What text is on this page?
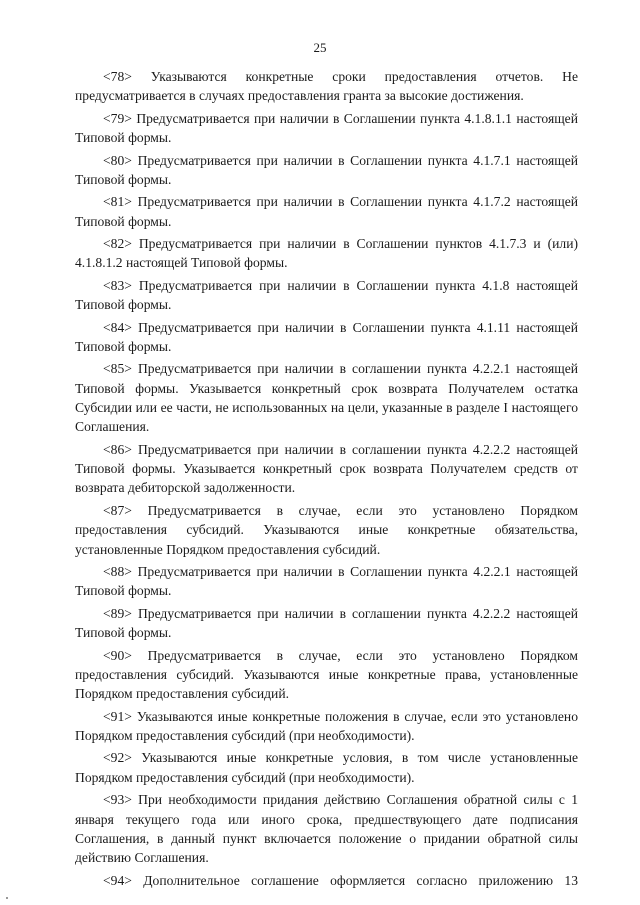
25

<78> Указываются конкретные сроки предоставления отчетов. Не предусматривается в случаях предоставления гранта за высокие достижения.

<79> Предусматривается при наличии в Соглашении пункта 4.1.8.1.1 настоящей Типовой формы.

<80> Предусматривается при наличии в Соглашении пункта 4.1.7.1 настоящей Типовой формы.

<81> Предусматривается при наличии в Соглашении пункта 4.1.7.2 настоящей Типовой формы.

<82> Предусматривается при наличии в Соглашении пунктов 4.1.7.3 и (или) 4.1.8.1.2 настоящей Типовой формы.

<83> Предусматривается при наличии в Соглашении пункта 4.1.8 настоящей Типовой формы.

<84> Предусматривается при наличии в Соглашении пункта 4.1.11 настоящей Типовой формы.

<85> Предусматривается при наличии в соглашении пункта 4.2.2.1 настоящей Типовой формы. Указывается конкретный срок возврата Получателем остатка Субсидии или ее части, не использованных на цели, указанные в разделе I настоящего Соглашения.

<86> Предусматривается при наличии в соглашении пункта 4.2.2.2 настоящей Типовой формы. Указывается конкретный срок возврата Получателем средств от возврата дебиторской задолженности.

<87> Предусматривается в случае, если это установлено Порядком предоставления субсидий. Указываются иные конкретные обязательства, установленные Порядком предоставления субсидий.

<88> Предусматривается при наличии в Соглашении пункта 4.2.2.1 настоящей Типовой формы.

<89> Предусматривается при наличии в соглашении пункта 4.2.2.2 настоящей Типовой формы.

<90> Предусматривается в случае, если это установлено Порядком предоставления субсидий. Указываются иные конкретные права, установленные Порядком предоставления субсидий.

<91> Указываются иные конкретные положения в случае, если это установлено Порядком предоставления субсидий (при необходимости).

<92> Указываются иные конкретные условия, в том числе установленные Порядком предоставления субсидий (при необходимости).

<93> При необходимости придания действию Соглашения обратной силы с 1 января текущего года или иного срока, предшествующего дате подписания Соглашения, в данный пункт включается положение о придании обратной силы действию Соглашения.

<94> Дополнительное соглашение оформляется согласно приложению 13
